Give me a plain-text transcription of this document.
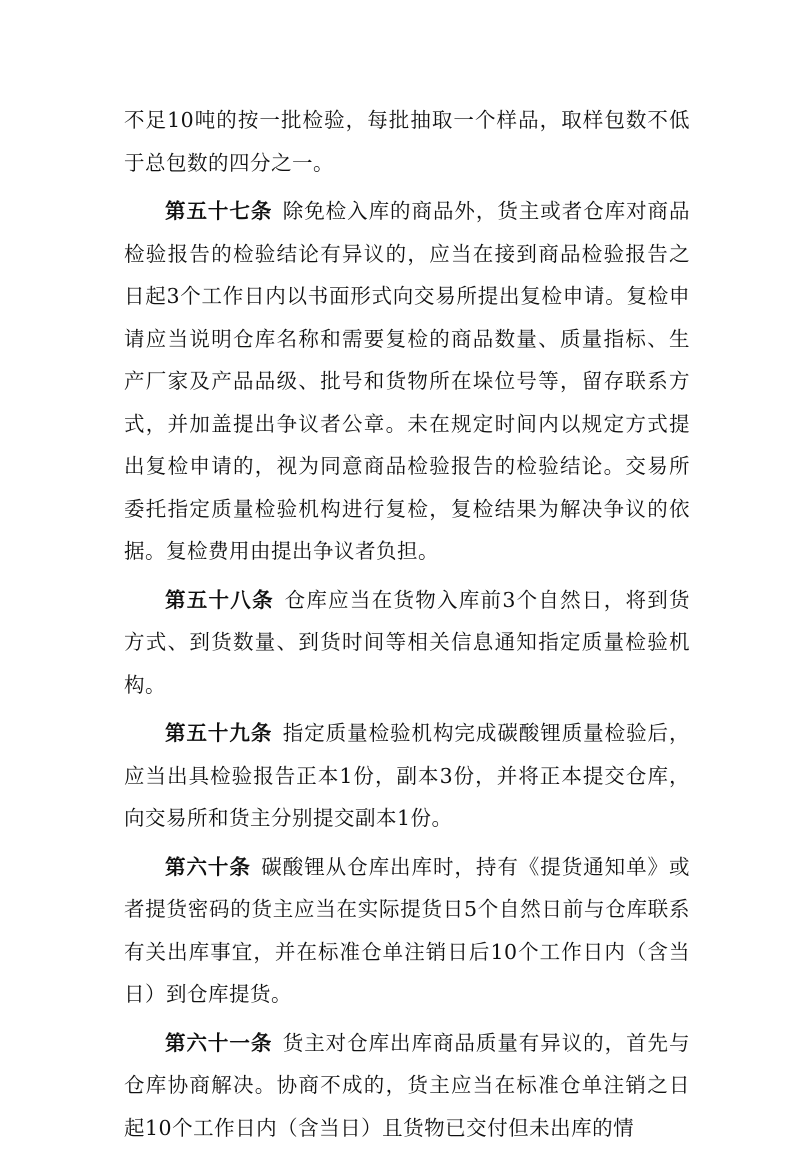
不足10吨的按一批检验，每批抽取一个样品，取样包数不低于总包数的四分之一。

第五十七条 除免检入库的商品外，货主或者仓库对商品检验报告的检验结论有异议的，应当在接到商品检验报告之日起3个工作日内以书面形式向交易所提出复检申请。复检申请应当说明仓库名称和需要复检的商品数量、质量指标、生产厂家及产品品级、批号和货物所在垛位号等，留存联系方式，并加盖提出争议者公章。未在规定时间内以规定方式提出复检申请的，视为同意商品检验报告的检验结论。交易所委托指定质量检验机构进行复检，复检结果为解决争议的依据。复检费用由提出争议者负担。

第五十八条 仓库应当在货物入库前3个自然日，将到货方式、到货数量、到货时间等相关信息通知指定质量检验机构。

第五十九条 指定质量检验机构完成碳酸锂质量检验后，应当出具检验报告正本1份，副本3份，并将正本提交仓库，向交易所和货主分别提交副本1份。

第六十条 碳酸锂从仓库出库时，持有《提货通知单》或者提货密码的货主应当在实际提货日5个自然日前与仓库联系有关出库事宜，并在标准仓单注销日后10个工作日内（含当日）到仓库提货。

第六十一条 货主对仓库出库商品质量有异议的，首先与仓库协商解决。协商不成的，货主应当在标准仓单注销之日起10个工作日内（含当日）且货物已交付但未出库的情
